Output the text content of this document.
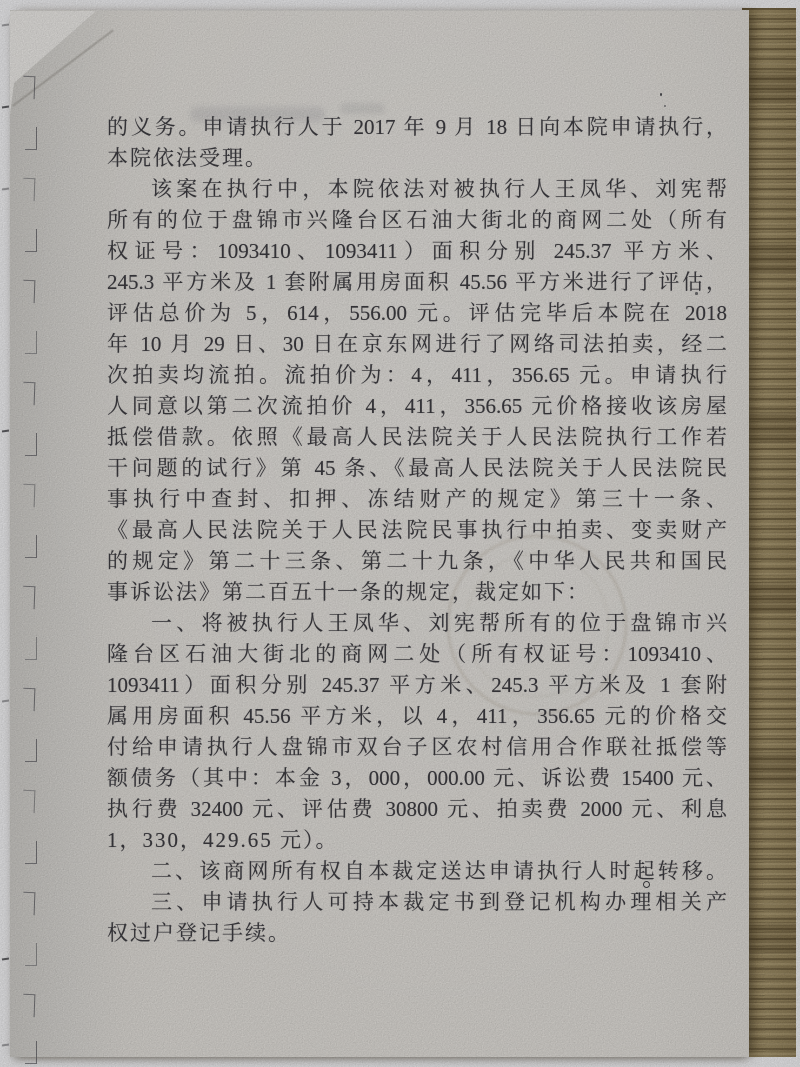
的义务。申请执行人于 2017 年 9 月 18 日向本院申请执行，
本院依法受理。
该案在执行中，本院依法对被执行人王凤华、刘宪帮
所有的位于盘锦市兴隆台区石油大街北的商网二处（所有
权证号：1093410、1093411）面积分别 245.37 平方米、
245.3 平方米及 1 套附属用房面积 45.56 平方米进行了评估，
评估总价为 5，614，556.00 元。评估完毕后本院在 2018
年 10 月 29 日、30 日在京东网进行了网络司法拍卖，经二
次拍卖均流拍。流拍价为：4，411，356.65 元。申请执行
人同意以第二次流拍价 4，411，356.65 元价格接收该房屋
抵偿借款。依照《最高人民法院关于人民法院执行工作若
干问题的试行》第 45 条、《最高人民法院关于人民法院民
事执行中查封、扣押、冻结财产的规定》第三十一条、
《最高人民法院关于人民法院民事执行中拍卖、变卖财产
的规定》第二十三条、第二十九条，《中华人民共和国民
事诉讼法》第二百五十一条的规定，裁定如下：
一、将被执行人王凤华、刘宪帮所有的位于盘锦市兴
隆台区石油大街北的商网二处（所有权证号：1093410、
1093411）面积分别 245.37 平方米、245.3 平方米及 1 套附
属用房面积 45.56 平方米，以 4，411，356.65 元的价格交
付给申请执行人盘锦市双台子区农村信用合作联社抵偿等
额债务（其中：本金 3，000，000.00 元、诉讼费 15400 元、
执行费 32400 元、评估费 30800 元、拍卖费 2000 元、利息
1，330，429.65 元）。
二、该商网所有权自本裁定送达申请执行人时起转移。
三、申请执行人可持本裁定书到登记机构办理相关产
权过户登记手续。
